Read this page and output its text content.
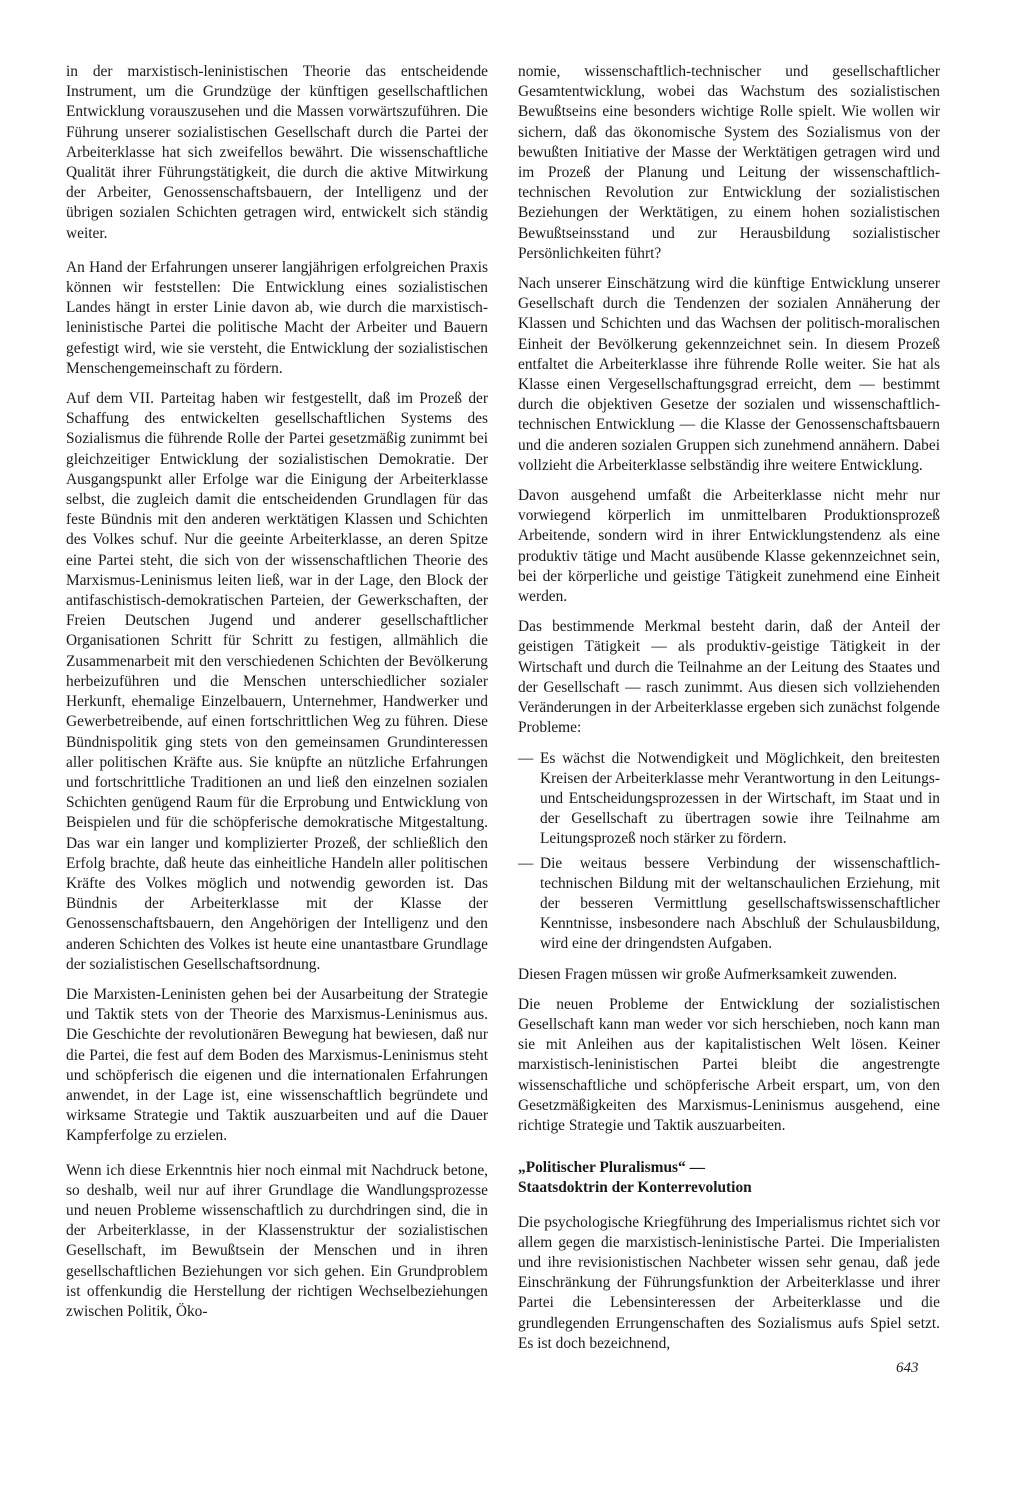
in der marxistisch-leninistischen Theorie das entscheidende Instrument, um die Grundzüge der künftigen gesellschaftlichen Entwicklung vorauszusehen und die Massen vorwärtszuführen. Die Führung unserer sozialistischen Gesellschaft durch die Partei der Arbeiterklasse hat sich zweifellos bewährt. Die wissenschaftliche Qualität ihrer Führungstätigkeit, die durch die aktive Mitwirkung der Arbeiter, Genossenschaftsbauern, der Intelligenz und der übrigen sozialen Schichten getragen wird, entwickelt sich ständig weiter.

An Hand der Erfahrungen unserer langjährigen erfolgreichen Praxis können wir feststellen: Die Entwicklung eines sozialistischen Landes hängt in erster Linie davon ab, wie durch die marxistisch-leninistische Partei die politische Macht der Arbeiter und Bauern gefestigt wird, wie sie versteht, die Entwicklung der sozialistischen Menschengemeinschaft zu fördern.

Auf dem VII. Parteitag haben wir festgestellt, daß im Prozeß der Schaffung des entwickelten gesellschaftlichen Systems des Sozialismus die führende Rolle der Partei gesetzmäßig zunimmt bei gleichzeitiger Entwicklung der sozialistischen Demokratie. Der Ausgangspunkt aller Erfolge war die Einigung der Arbeiterklasse selbst, die zugleich damit die entscheidenden Grundlagen für das feste Bündnis mit den anderen werktätigen Klassen und Schichten des Volkes schuf. Nur die geeinte Arbeiterklasse, an deren Spitze eine Partei steht, die sich von der wissenschaftlichen Theorie des Marxismus-Leninismus leiten ließ, war in der Lage, den Block der antifaschistisch-demokratischen Parteien, der Gewerkschaften, der Freien Deutschen Jugend und anderer gesellschaftlicher Organisationen Schritt für Schritt zu festigen, allmählich die Zusammenarbeit mit den verschiedenen Schichten der Bevölkerung herbeizuführen und die Menschen unterschiedlicher sozialer Herkunft, ehemalige Einzelbauern, Unternehmer, Handwerker und Gewerbetreibende, auf einen fortschrittlichen Weg zu führen. Diese Bündnispolitik ging stets von den gemeinsamen Grundinteressen aller politischen Kräfte aus. Sie knüpfte an nützliche Erfahrungen und fortschrittliche Traditionen an und ließ den einzelnen sozialen Schichten genügend Raum für die Erprobung und Entwicklung von Beispielen und für die schöpferische demokratische Mitgestaltung. Das war ein langer und komplizierter Prozeß, der schließlich den Erfolg brachte, daß heute das einheitliche Handeln aller politischen Kräfte des Volkes möglich und notwendig geworden ist. Das Bündnis der Arbeiterklasse mit der Klasse der Genossenschaftsbauern, den Angehörigen der Intelligenz und den anderen Schichten des Volkes ist heute eine unantastbare Grundlage der sozialistischen Gesellschaftsordnung.

Die Marxisten-Leninisten gehen bei der Ausarbeitung der Strategie und Taktik stets von der Theorie des Marxismus-Leninismus aus. Die Geschichte der revolutionären Bewegung hat bewiesen, daß nur die Partei, die fest auf dem Boden des Marxismus-Leninismus steht und schöpferisch die eigenen und die internationalen Erfahrungen anwendet, in der Lage ist, eine wissenschaftlich begründete und wirksame Strategie und Taktik auszuarbeiten und auf die Dauer Kampferfolge zu erzielen.

Wenn ich diese Erkenntnis hier noch einmal mit Nachdruck betone, so deshalb, weil nur auf ihrer Grundlage die Wandlungsprozesse und neuen Probleme wissenschaftlich zu durchdringen sind, die in der Arbeiterklasse, in der Klassenstruktur der sozialistischen Gesellschaft, im Bewußtsein der Menschen und in ihren gesellschaftlichen Beziehungen vor sich gehen. Ein Grundproblem ist offenkundig die Herstellung der richtigen Wechselbeziehungen zwischen Politik, Öko-

nomie, wissenschaftlich-technischer und gesellschaftlicher Gesamtentwicklung, wobei das Wachstum des sozialistischen Bewußtseins eine besonders wichtige Rolle spielt. Wie wollen wir sichern, daß das ökonomische System des Sozialismus von der bewußten Initiative der Masse der Werktätigen getragen wird und im Prozeß der Planung und Leitung der wissenschaftlich-technischen Revolution zur Entwicklung der sozialistischen Beziehungen der Werktätigen, zu einem hohen sozialistischen Bewußtseinsstand und zur Herausbildung sozialistischer Persönlichkeiten führt?

Nach unserer Einschätzung wird die künftige Entwicklung unserer Gesellschaft durch die Tendenzen der sozialen Annäherung der Klassen und Schichten und das Wachsen der politisch-moralischen Einheit der Bevölkerung gekennzeichnet sein. In diesem Prozeß entfaltet die Arbeiterklasse ihre führende Rolle weiter. Sie hat als Klasse einen Vergesellschaftungsgrad erreicht, dem — bestimmt durch die objektiven Gesetze der sozialen und wissenschaftlich-technischen Entwicklung — die Klasse der Genossenschaftsbauern und die anderen sozialen Gruppen sich zunehmend annähern. Dabei vollzieht die Arbeiterklasse selbständig ihre weitere Entwicklung.

Davon ausgehend umfaßt die Arbeiterklasse nicht mehr nur vorwiegend körperlich im unmittelbaren Produktionsprozeß Arbeitende, sondern wird in ihrer Entwicklungstendenz als eine produktiv tätige und Macht ausübende Klasse gekennzeichnet sein, bei der körperliche und geistige Tätigkeit zunehmend eine Einheit werden.

Das bestimmende Merkmal besteht darin, daß der Anteil der geistigen Tätigkeit — als produktiv-geistige Tätigkeit in der Wirtschaft und durch die Teilnahme an der Leitung des Staates und der Gesellschaft — rasch zunimmt. Aus diesen sich vollziehenden Veränderungen in der Arbeiterklasse ergeben sich zunächst folgende Probleme:

— Es wächst die Notwendigkeit und Möglichkeit, den breitesten Kreisen der Arbeiterklasse mehr Verantwortung in den Leitungs- und Entscheidungsprozessen in der Wirtschaft, im Staat und in der Gesellschaft zu übertragen sowie ihre Teilnahme am Leitungsprozeß noch stärker zu fördern.
— Die weitaus bessere Verbindung der wissenschaftlich-technischen Bildung mit der weltanschaulichen Erziehung, mit der besseren Vermittlung gesellschaftswissenschaftlicher Kenntnisse, insbesondere nach Abschluß der Schulausbildung, wird eine der dringendsten Aufgaben.

Diesen Fragen müssen wir große Aufmerksamkeit zuwenden.

Die neuen Probleme der Entwicklung der sozialistischen Gesellschaft kann man weder vor sich herschieben, noch kann man sie mit Anleihen aus der kapitalistischen Welt lösen. Keiner marxistisch-leninistischen Partei bleibt die angestrengte wissenschaftliche und schöpferische Arbeit erspart, um, von den Gesetzmäßigkeiten des Marxismus-Leninismus ausgehend, eine richtige Strategie und Taktik auszuarbeiten.

„Politischer Pluralismus“ —
Staatsdoktrin der Konterrevolution

Die psychologische Kriegführung des Imperialismus richtet sich vor allem gegen die marxistisch-leninistische Partei. Die Imperialisten und ihre revisionistischen Nachbeter wissen sehr genau, daß jede Einschränkung der Führungsfunktion der Arbeiterklasse und ihrer Partei die Lebensinteressen der Arbeiterklasse und die grundlegenden Errungenschaften des Sozialismus aufs Spiel setzt. Es ist doch bezeichnend,

643
